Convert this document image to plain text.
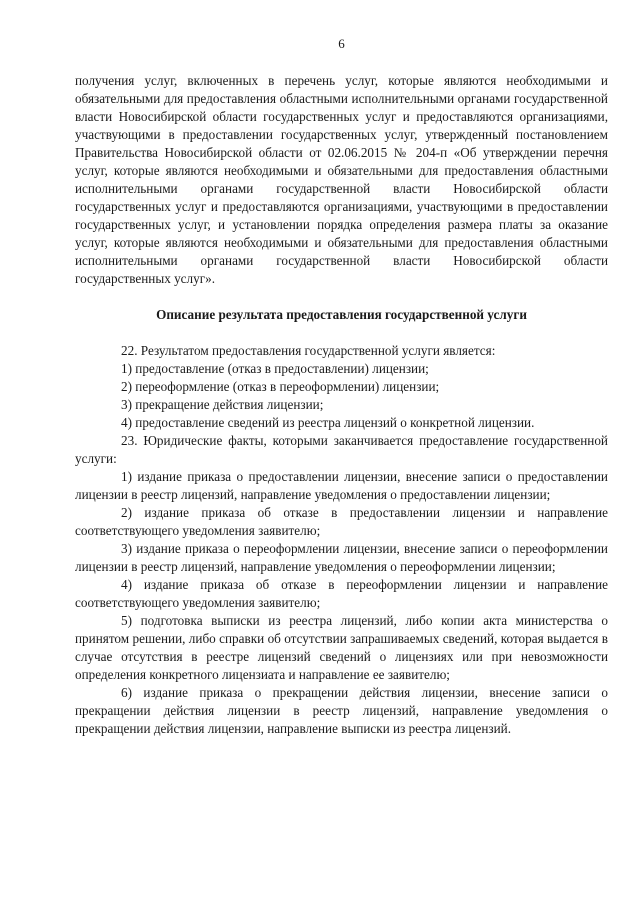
6

получения услуг, включенных в перечень услуг, которые являются необходимыми и обязательными для предоставления областными исполнительными органами государственной власти Новосибирской области государственных услуг и предоставляются организациями, участвующими в предоставлении государственных услуг, утвержденный постановлением Правительства Новосибирской области от 02.06.2015 № 204-п «Об утверждении перечня услуг, которые являются необходимыми и обязательными для предоставления областными исполнительными органами государственной власти Новосибирской области государственных услуг и предоставляются организациями, участвующими в предоставлении государственных услуг, и установлении порядка определения размера платы за оказание услуг, которые являются необходимыми и обязательными для предоставления областными исполнительными органами государственной власти Новосибирской области государственных услуг».

Описание результата предоставления государственной услуги

22. Результатом предоставления государственной услуги является:

1) предоставление (отказ в предоставлении) лицензии;

2) переоформление (отказ в переоформлении) лицензии;

3) прекращение действия лицензии;

4) предоставление сведений из реестра лицензий о конкретной лицензии.

23. Юридические факты, которыми заканчивается предоставление государственной услуги:

1) издание приказа о предоставлении лицензии, внесение записи о предоставлении лицензии в реестр лицензий, направление уведомления о предоставлении лицензии;

2) издание приказа об отказе в предоставлении лицензии и направление соответствующего уведомления заявителю;

3) издание приказа о переоформлении лицензии, внесение записи о переоформлении лицензии в реестр лицензий, направление уведомления о переоформлении лицензии;

4) издание приказа об отказе в переоформлении лицензии и направление соответствующего уведомления заявителю;

5) подготовка выписки из реестра лицензий, либо копии акта министерства о принятом решении, либо справки об отсутствии запрашиваемых сведений, которая выдается в случае отсутствия в реестре лицензий сведений о лицензиях или при невозможности определения конкретного лицензиата и направление ее заявителю;

6) издание приказа о прекращении действия лицензии, внесение записи о прекращении действия лицензии в реестр лицензий, направление уведомления о прекращении действия лицензии, направление выписки из реестра лицензий.
